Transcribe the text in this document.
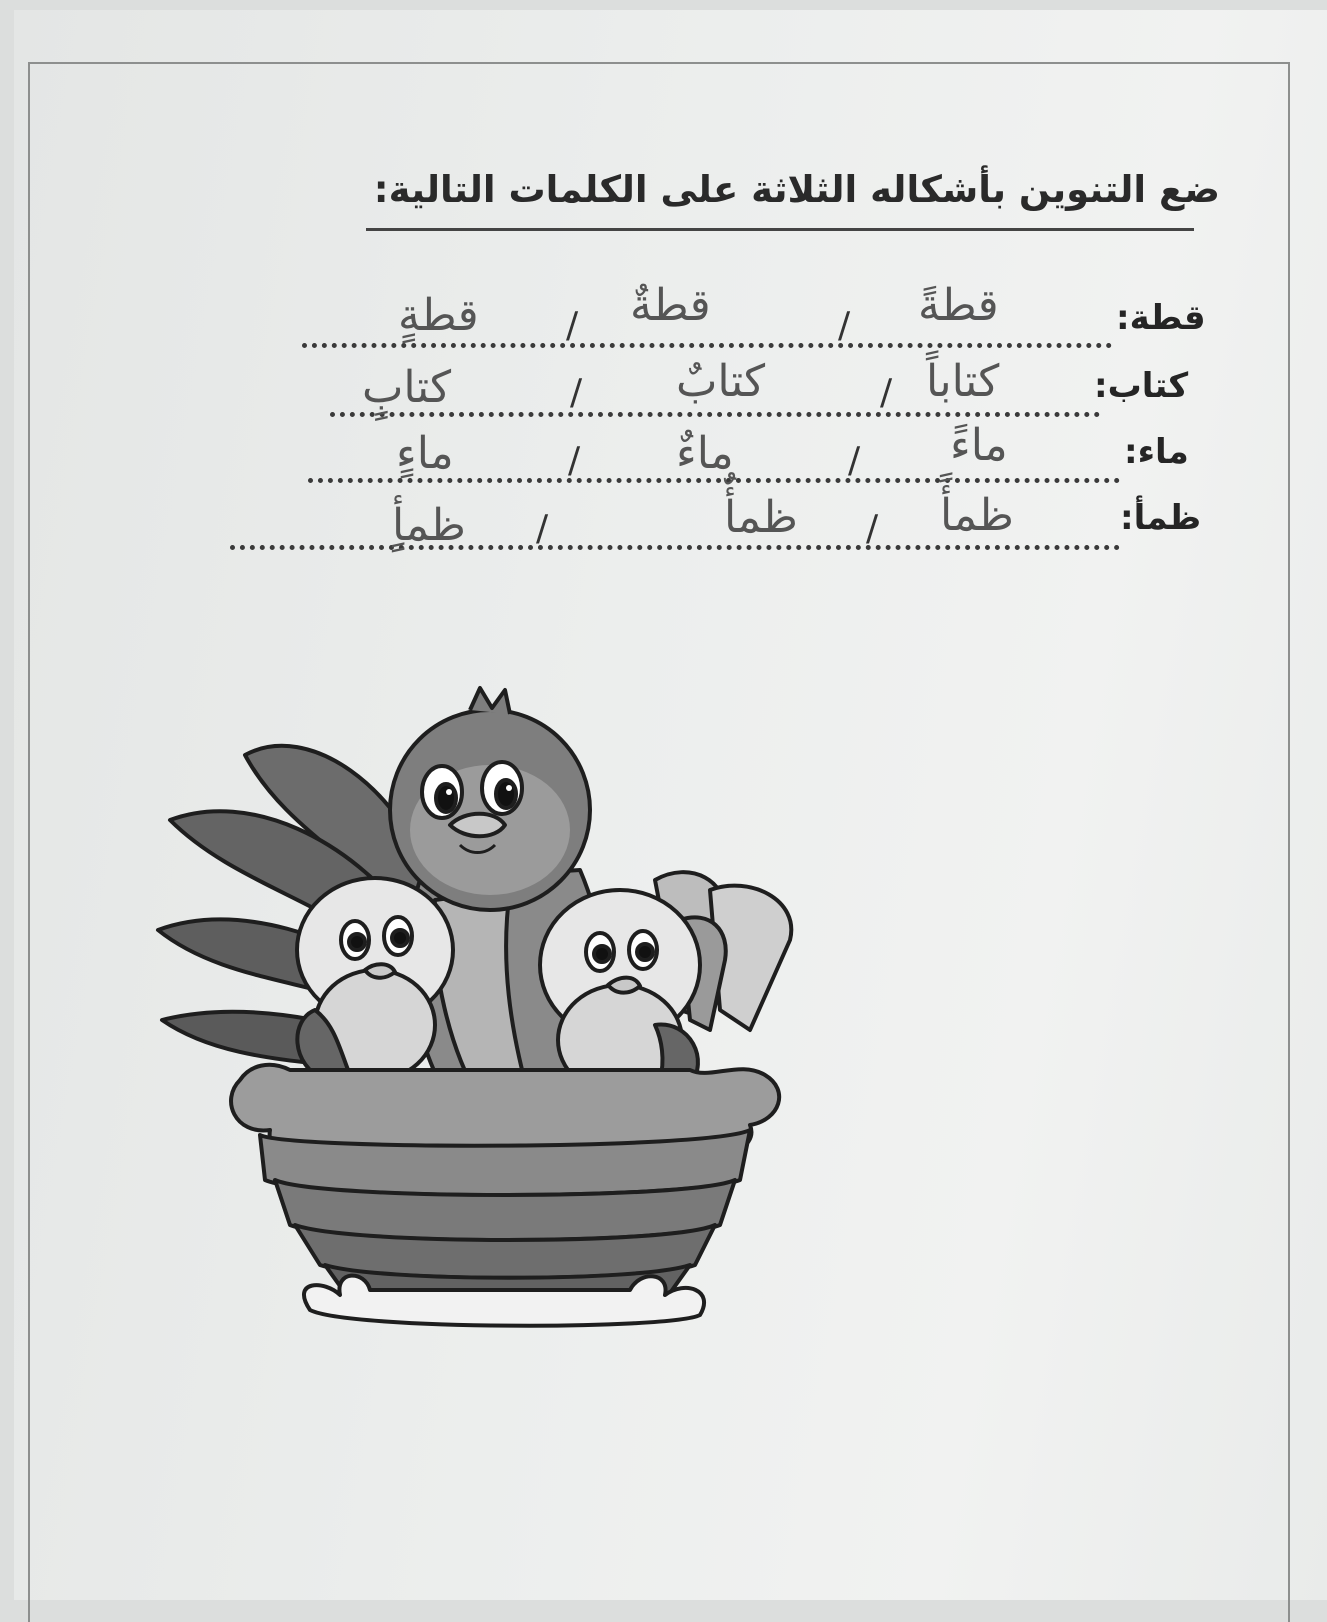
ضع التنوين بأشكاله الثلاثة على الكلمات التالية:
قطة:
قطةً
/
قطةٌ
/
قطةٍ
كتاب:
كتاباً
/
كتابٌ
/
كتابٍ
ماء:
ماءً
/
ماءٌ
/
ماءٍ
ظمأ:
ظمأً
/
ظمأٌ
/
ظمأٍ
